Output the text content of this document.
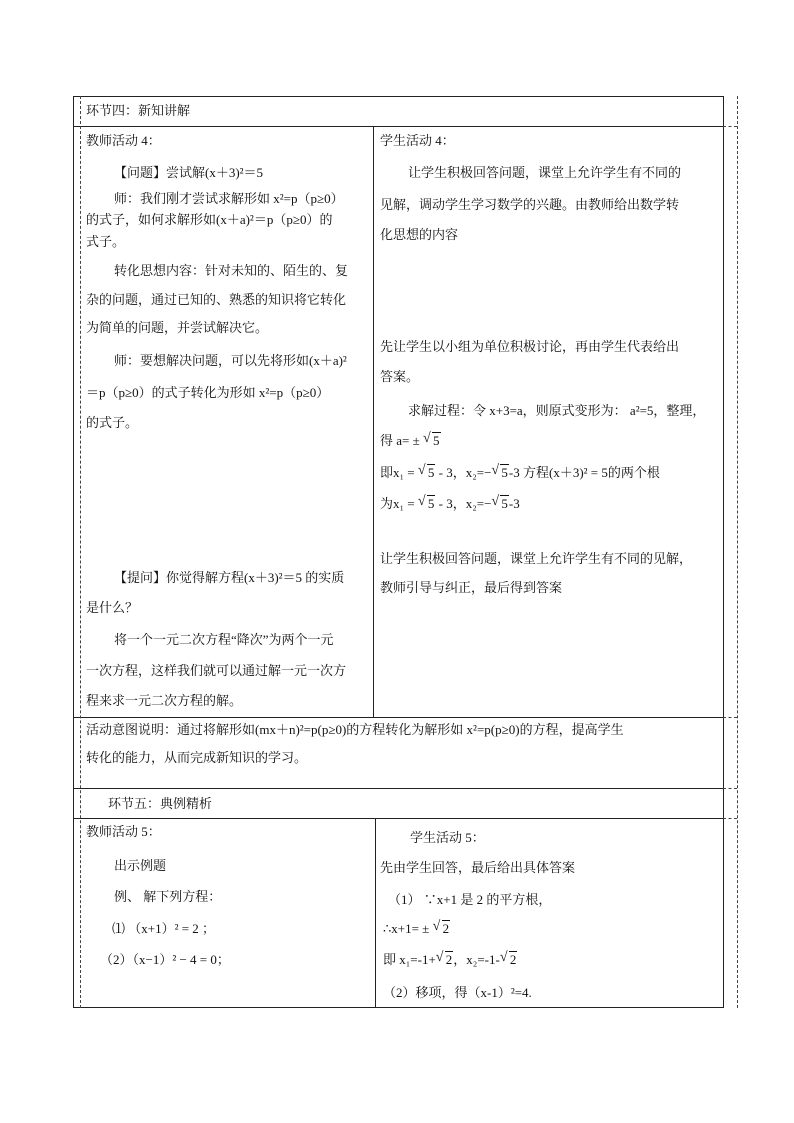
环节四：新知讲解
教师活动 4：	学生活动 4：
【问题】尝试解(x＋3)²＝5
师：我们刚才尝试求解形如 x²=p（p≥0）
的式子，如何求解形如(x＋a)²＝p（p≥0）的
式子。
转化思想内容：针对未知的、陌生的、复
杂的问题，通过已知的、熟悉的知识将它转化
为简单的问题，并尝试解决它。
师：要想解决问题，可以先将形如(x＋a)²
＝p（p≥0）的式子转化为形如 x²=p（p≥0）
的式子。
【提问】你觉得解方程(x＋3)²＝5 的实质
是什么？
将一个一元二次方程“降次”为两个一元
一次方程，这样我们就可以通过解一元一次方
程来求一元二次方程的解。
让学生积极回答问题，课堂上允许学生有不同的
见解，调动学生学习数学的兴趣。由教师给出数学转
化思想的内容
先让学生以小组为单位积极讨论，再由学生代表给出
答案。
求解过程：令 x+3=a，则原式变形为： a²=5，整理，
得 a= ± √ 5
即x₁ = √ 5 - 3，x₂=− √ 5-3 方程(x＋3)² = 5的两个根
为x₁ = √ 5 - 3，x₂=− √ 5-3
让学生积极回答问题，课堂上允许学生有不同的见解，
教师引导与纠正，最后得到答案
活动意图说明：通过将解形如(mx＋n)²=p(p≥0)的方程转化为解形如 x²=p(p≥0)的方程，提高学生
转化的能力，从而完成新知识的学习。
环节五：典例精析
教师活动 5：	学生活动 5：
出示例题
例、 解下列方程：
⑴ （x+1）² = 2 ；
（2）（x−1）² − 4 = 0；
先由学生回答，最后给出具体答案
（1） ∵x+1 是 2 的平方根，
∴x+1= ± √ 2
即 x₁=-1+ √ 2，x₂=-1- √ 2
（2）移项，得（x-1）²=4.
